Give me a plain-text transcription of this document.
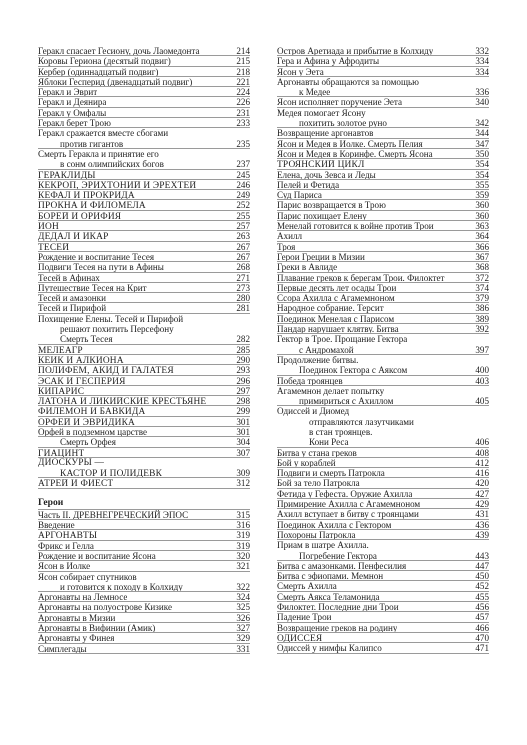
Геракл спасает Гесиону, дочь Лаомедонта	214
Коровы Гериона (десятый подвиг)	215
Кербер (одиннадцатый подвиг)	218
Яблоки Гесперид (двенадцатый подвиг)	221
Геракл и Эврит	224
Геракл и Деянира	226
Геракл у Омфалы	231
Геракл берет Трою	233
Геракл сражается вместе сбогами
против гигантов	235
Смерть Геракла и принятие его
в сонм олимпийских богов	237
ГЕРАКЛИДЫ	245
КЕКРОП, ЭРИХТОНИЙ И ЭРЕХТЕЙ	246
КЕФАЛ И ПРОКРИДА	249
ПРОКНА И ФИЛОМЕЛА	252
БОРЕЙ И ОРИФИЯ	255
ИОН	257
ДЕДАЛ И ИКАР	263
ТЕСЕЙ	267
Рождение и воспитание Тесея	267
Подвиги Тесея на пути в Афины	268
Тесей в Афинах	271
Путешествие Тесея на Крит	273
Тесей и амазонки	280
Тесей и Пирифой	281
Похищение Елены. Тесей и Пирифой
решают похитить Персефону
Смерть Тесея	282
МЕЛЕАГР	285
КЕИК И АЛКИОНА	290
ПОЛИФЕМ, АКИД И ГАЛАТЕЯ	293
ЭСАК И ГЕСПЕРИЯ	296
КИПАРИС	297
ЛАТОНА И ЛИКИЙСКИЕ КРЕСТЬЯНЕ	298
ФИЛЕМОН И БАВКИДА	299
ОРФЕЙ И ЭВРИДИКА	301
Орфей в подземном царстве	301
Смерть Орфея	304
ГИАЦИНТ	307
ДИОСКУРЫ —
КАСТОР И ПОЛИДЕВК	309
АТРЕЙ И ФИЕСТ	312
Герои
Часть II. ДРЕВНЕГРЕЧЕСКИЙ ЭПОС	315
Введение	316
АРГОНАВТЫ	319
Фрикс и Гелла	319
Рождение и воспитание Ясона	320
Ясон в Иолке	321
Ясон собирает спутников
и готовится к походу в Колхиду	322
Аргонавты на Лемносе	324
Аргонавты на полуострове Кизике	325
Аргонавты в Мизии	326
Аргонавты в Вифинии (Амик)	327
Аргонавты у Финея	329
Симплегады	331
Остров Аретиада и прибытие в Колхиду	332
Гера и Афина у Афродиты	334
Ясон у Эета	334
Аргонавты обращаются за помощью
к Медее	336
Ясон исполняет поручение Эета	340
Медея помогает Ясону
похитить золотое руно	342
Возвращение аргонавтов	344
Ясон и Медея в Иолке. Смерть Пелия	347
Ясон и Медея в Коринфе. Смерть Ясона	350
ТРОЯНСКИЙ ЦИКЛ	354
Елена, дочь Зевса и Леды	354
Пелей и Фетида	355
Суд Париса	359
Парис возвращается в Трою	360
Парис похищает Елену	360
Менелай готовится к войне против Трои	363
Ахилл	364
Троя	366
Герои Греции в Мизии	367
Греки в Авлиде	368
Плавание греков к берегам Трои. Филоктет	372
Первые десять лет осады Трои	374
Ссора Ахилла с Агамемноном	379
Народное собрание. Терсит	386
Поединок Менелая с Парисом	389
Пандар нарушает клятву. Битва	392
Гектор в Трое. Прощание Гектора
с Андромахой	397
Продолжение битвы.
Поединок Гектора с Аяксом	400
Победа троянцев	403
Агамемнон делает попытку
примириться с Ахиллом	405
Одиссей и Диомед
отправляются лазутчиками
в стан троянцев.
Кони Реса	406
Битва у стана греков	408
Бой у кораблей	412
Подвиги и смерть Патрокла	416
Бой за тело Патрокла	420
Фетида у Гефеста. Оружие Ахилла	427
Примирение Ахилла с Агамемноном	429
Ахилл вступает в битву с троянцами	431
Поединок Ахилла с Гектором	436
Похороны Патрокла	439
Приам в шатре Ахилла.
Погребение Гектора	443
Битва с амазонками. Пенфесилия	447
Битва с эфиопами. Мемнон	450
Смерть Ахилла	452
Смерть Аякса Теламонида	455
Филоктет. Последние дни Трои	456
Падение Трои	457
Возвращение греков на родину	466
ОДИССЕЯ	470
Одиссей у нимфы Калипсо	471
